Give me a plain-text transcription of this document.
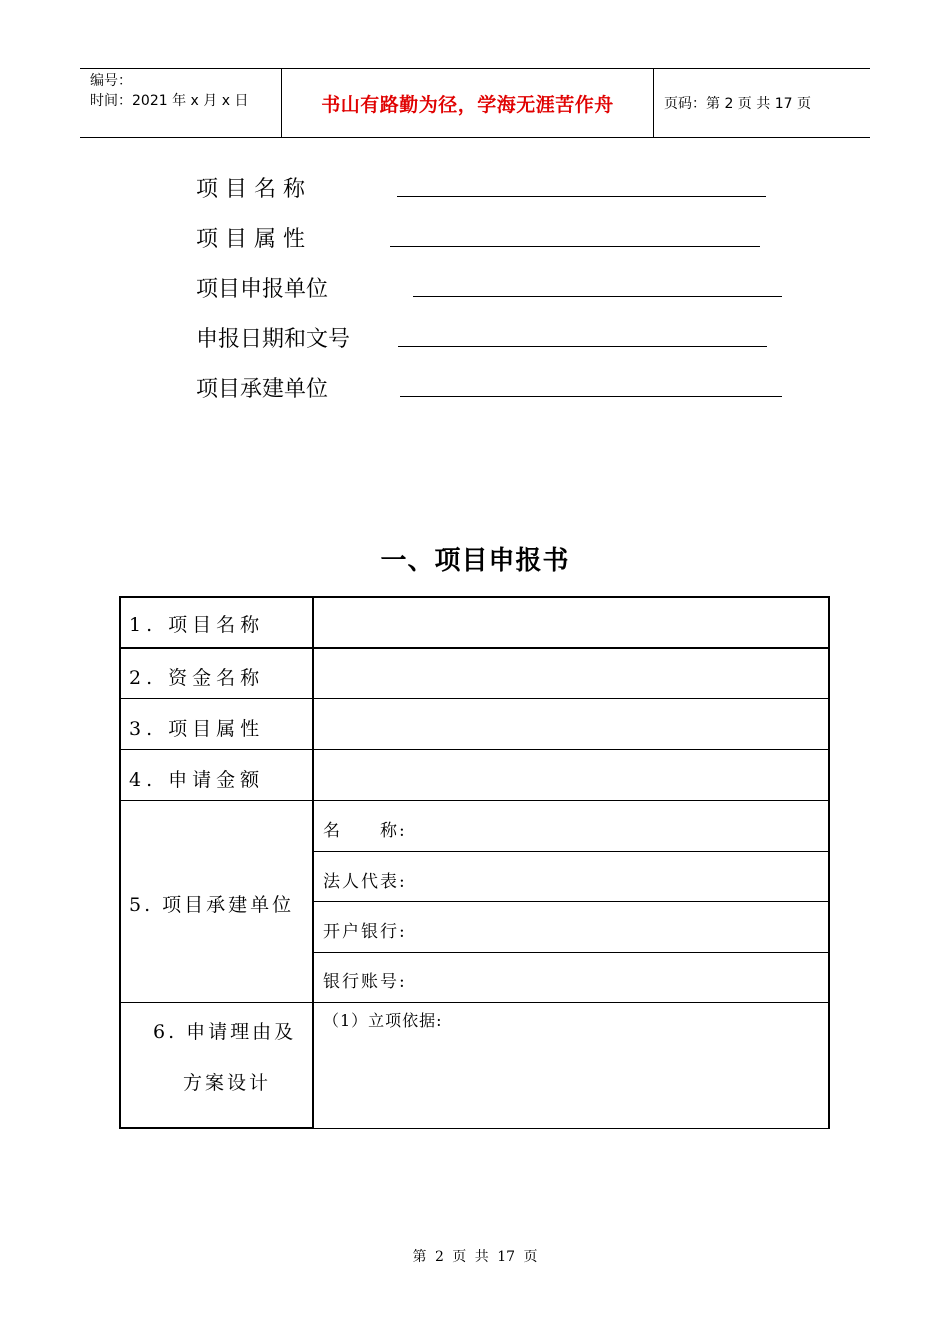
编号：
时间：2021 年 x 月 x 日	书山有路勤为径，学海无涯苦作舟	页码：第 2 页 共 17 页
项 目 名 称
项 目 属 性
项目申报单位
申报日期和文号
项目承建单位
一、项目申报书
1. 项目名称
2. 资金名称
3. 项目属性
4. 申请金额
5. 项目承建单位
6. 申请理由及
方案设计
名　　称:
法人代表:
开户银行:
银行账号:
（1）立项依据:
第 2 页 共 17 页
